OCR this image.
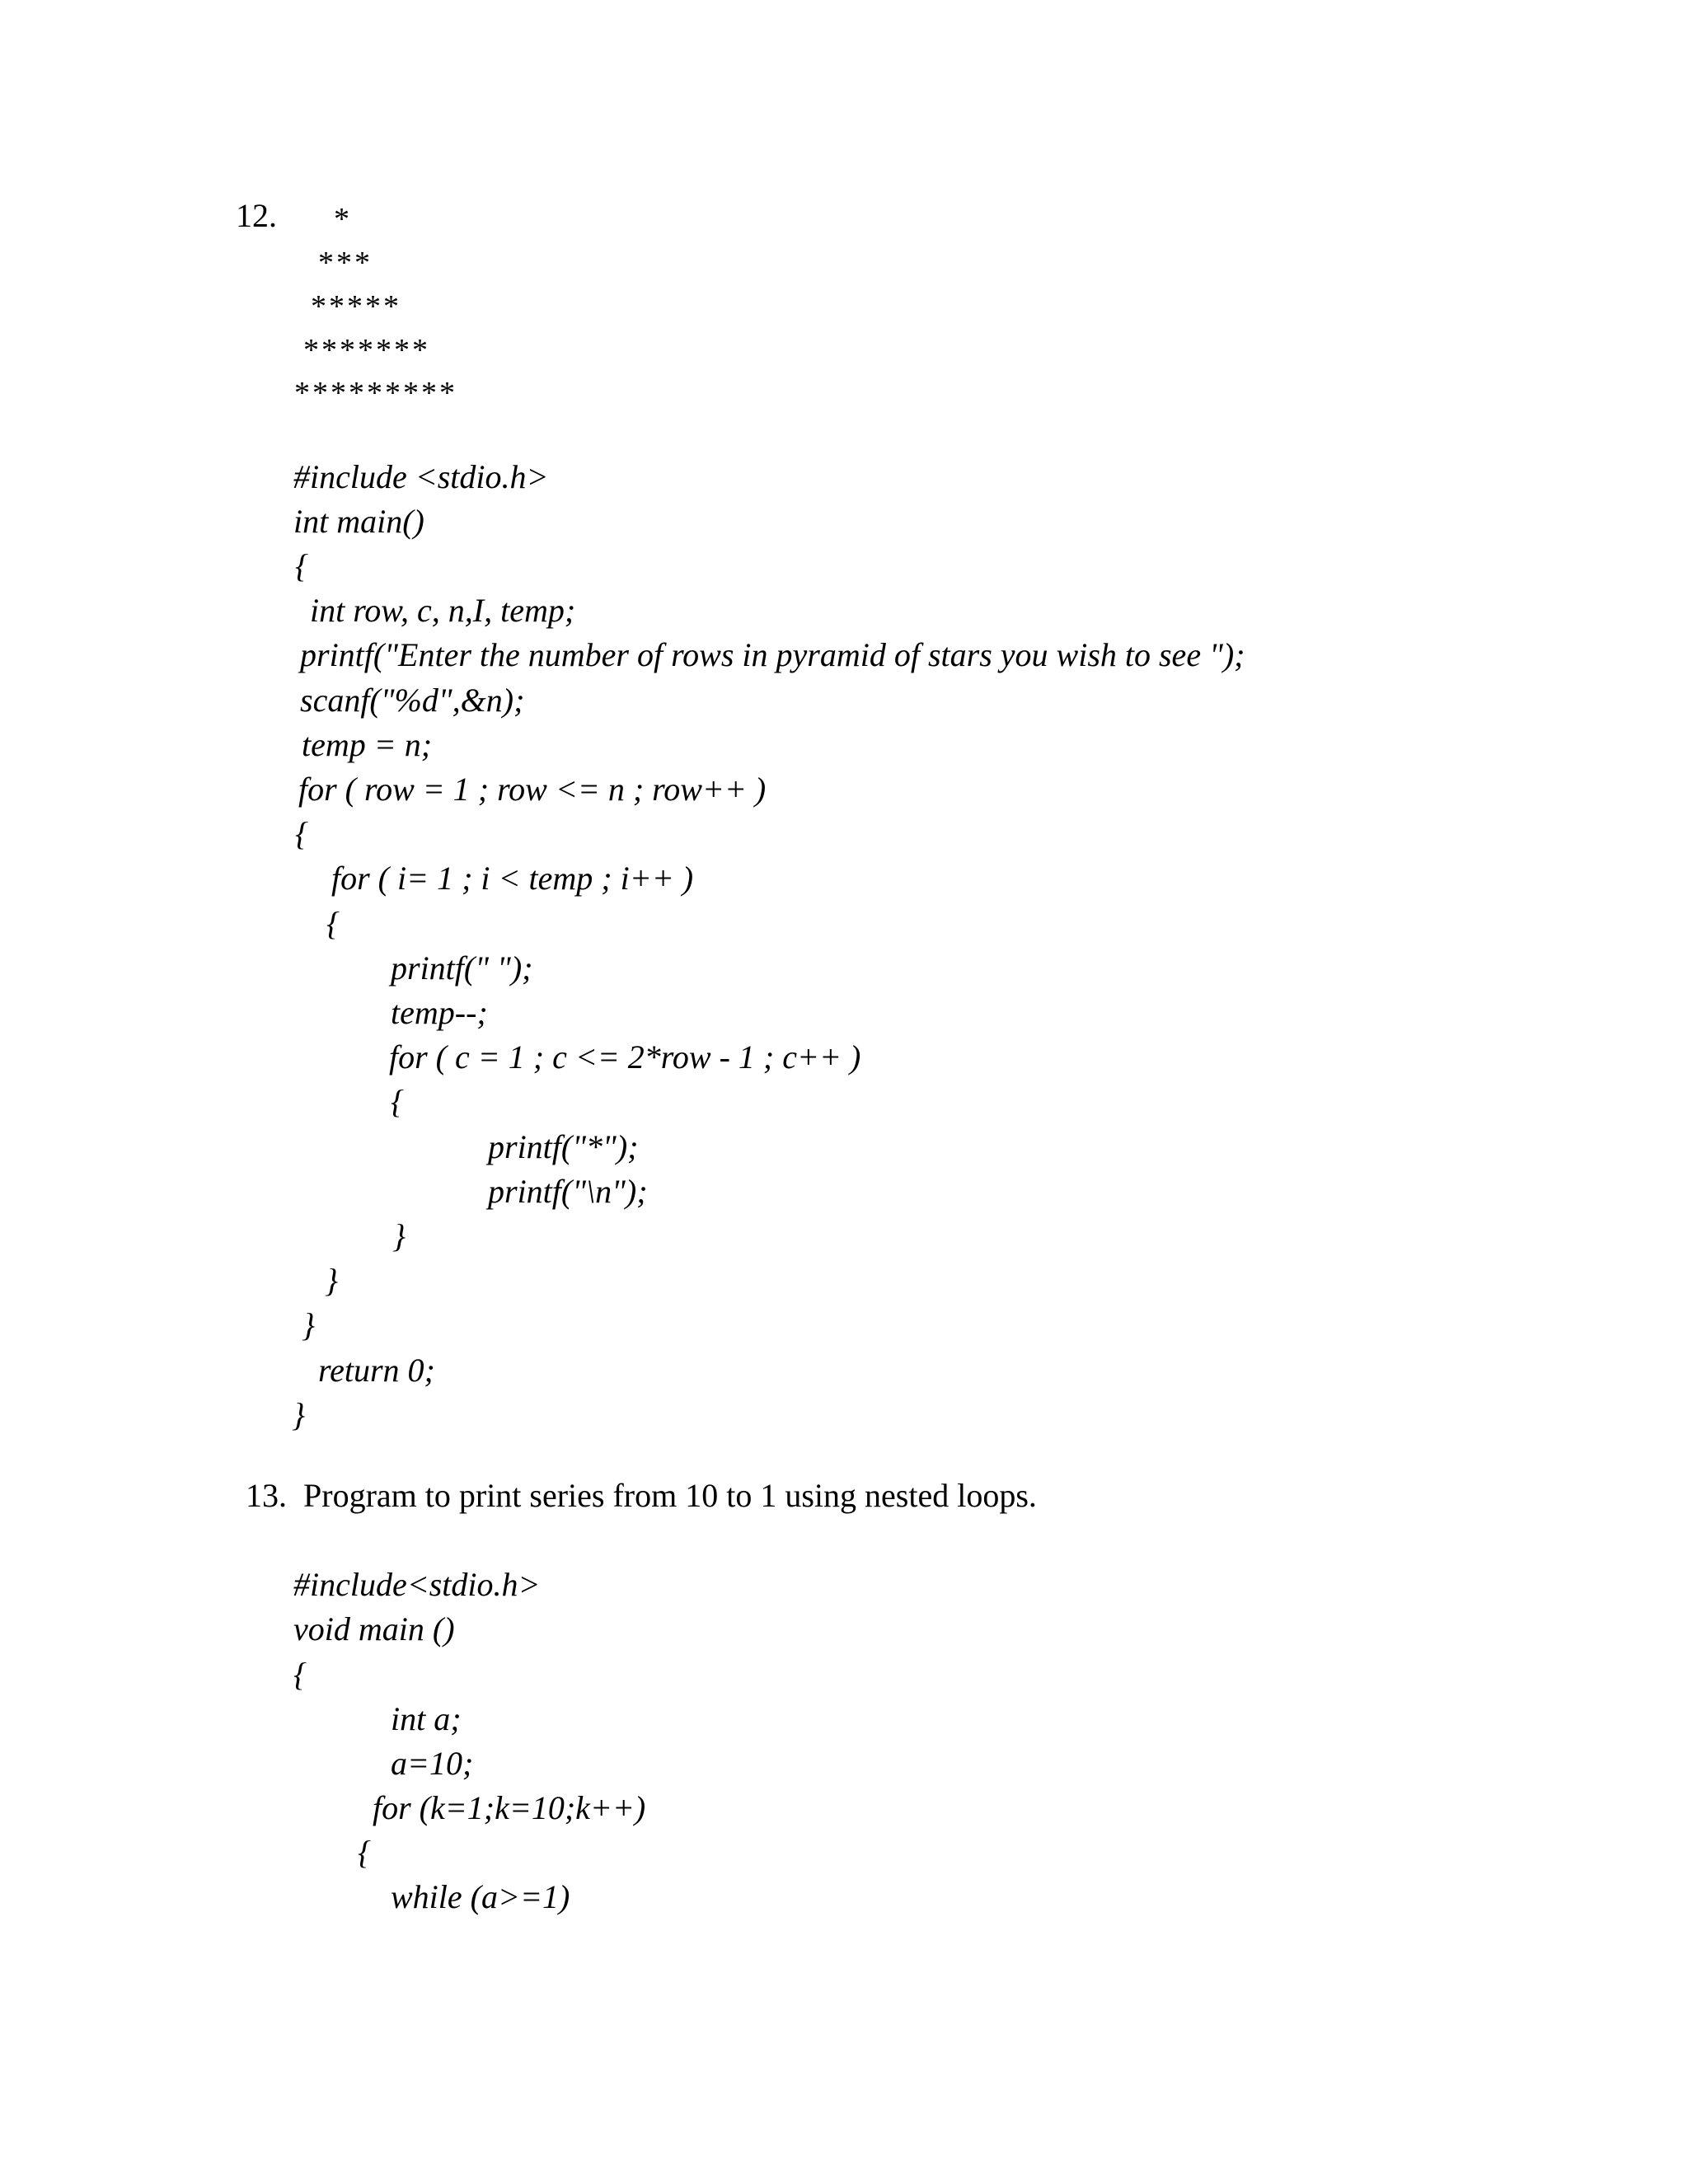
12. *
***
*****
*******
*********
#include <stdio.h>
int main()
{
int row, c, n,I, temp;
printf("Enter the number of rows in pyramid of stars you wish to see ");
scanf("%d",&n);
temp = n;
for ( row = 1 ; row <= n ; row++ )
{
for ( i= 1 ; i < temp ; i++ )
{
printf(" ");
temp--;
for ( c = 1 ; c <= 2*row - 1 ; c++ )
{
printf("*");
printf("\n");
}
}
}
return 0;
}
13.  Program to print series from 10 to 1 using nested loops.
#include<stdio.h>
void main ()
{
int a;
a=10;
for (k=1;k=10;k++)
{
while (a>=1)
